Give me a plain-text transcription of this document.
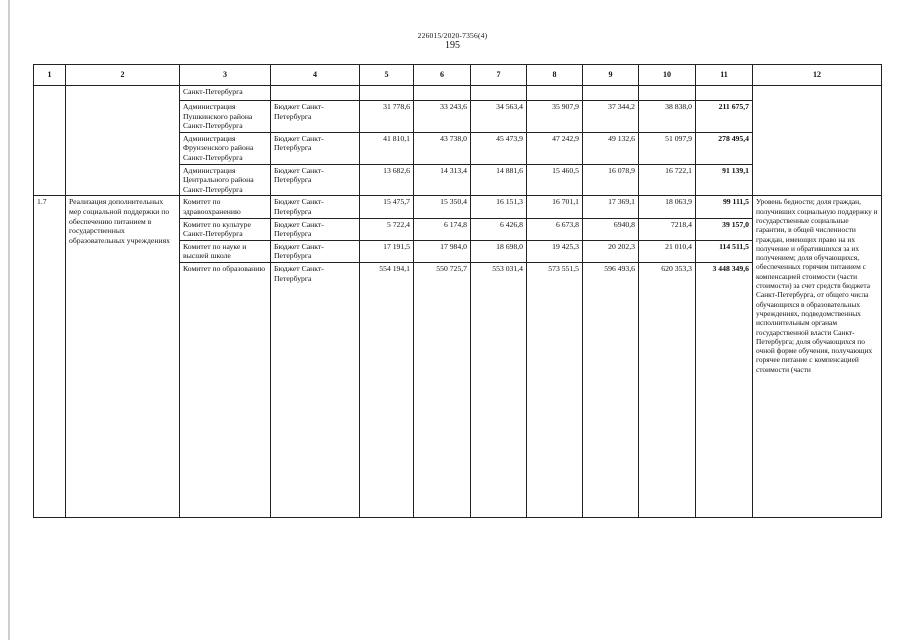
226015/2020-7356(4)
195
1	2	3	4	5	6	7	8	9	10	11	12
		Санкт-Петербурга									
		Администрация Пушкинского района Санкт-Петербурга	Бюджет Санкт-Петербурга	31 778,6	33 243,6	34 563,4	35 907,9	37 344,2	38 838,0	211 675,7	
		Администрация Фрунзенского района Санкт-Петербурга	Бюджет Санкт-Петербурга	41 810,1	43 738,0	45 473,9	47 242,9	49 132,6	51 097,9	278 495,4	
		Администрация Центрального района Санкт-Петербурга	Бюджет Санкт-Петербурга	13 682,6	14 313,4	14 881,6	15 460,5	16 078,9	16 722,1	91 139,1	
1.7	Реализация дополнительных мер социальной поддержки по обеспечению питанием в государственных образовательных учреждениях	Комитет по здравоохранению	Бюджет Санкт-Петербурга	15 475,7	15 350,4	16 151,3	16 701,1	17 369,1	18 063,9	99 111,5	Уровень бедности; доля граждан, получивших социальную поддержку и государственные социальные гарантии, в общей численности граждан, имеющих право на их получение и обратившихся за их получением; доля обучающихся, обеспеченных горячим питанием с компенсацией стоимости (части стоимости) за счет средств бюджета Санкт-Петербурга, от общего числа обучающихся в образовательных учреждениях, подведомственных исполнительным органам государственной власти Санкт-Петербурга; доля обучающихся по очной форме обучения, получающих горячее питание с компенсацией стоимости (части
		Комитет по культуре Санкт-Петербурга	Бюджет Санкт-Петербурга	5 722,4	6 174,8	6 426,8	6 673,8	6940,8	7218,4	39 157,0	
		Комитет по науке и высшей школе	Бюджет Санкт-Петербурга	17 191,5	17 984,0	18 698,0	19 425,3	20 202,3	21 010,4	114 511,5	
		Комитет по образованию	Бюджет Санкт-Петербурга	554 194,1	550 725,7	553 031,4	573 551,5	596 493,6	620 353,3	3 448 349,6	
